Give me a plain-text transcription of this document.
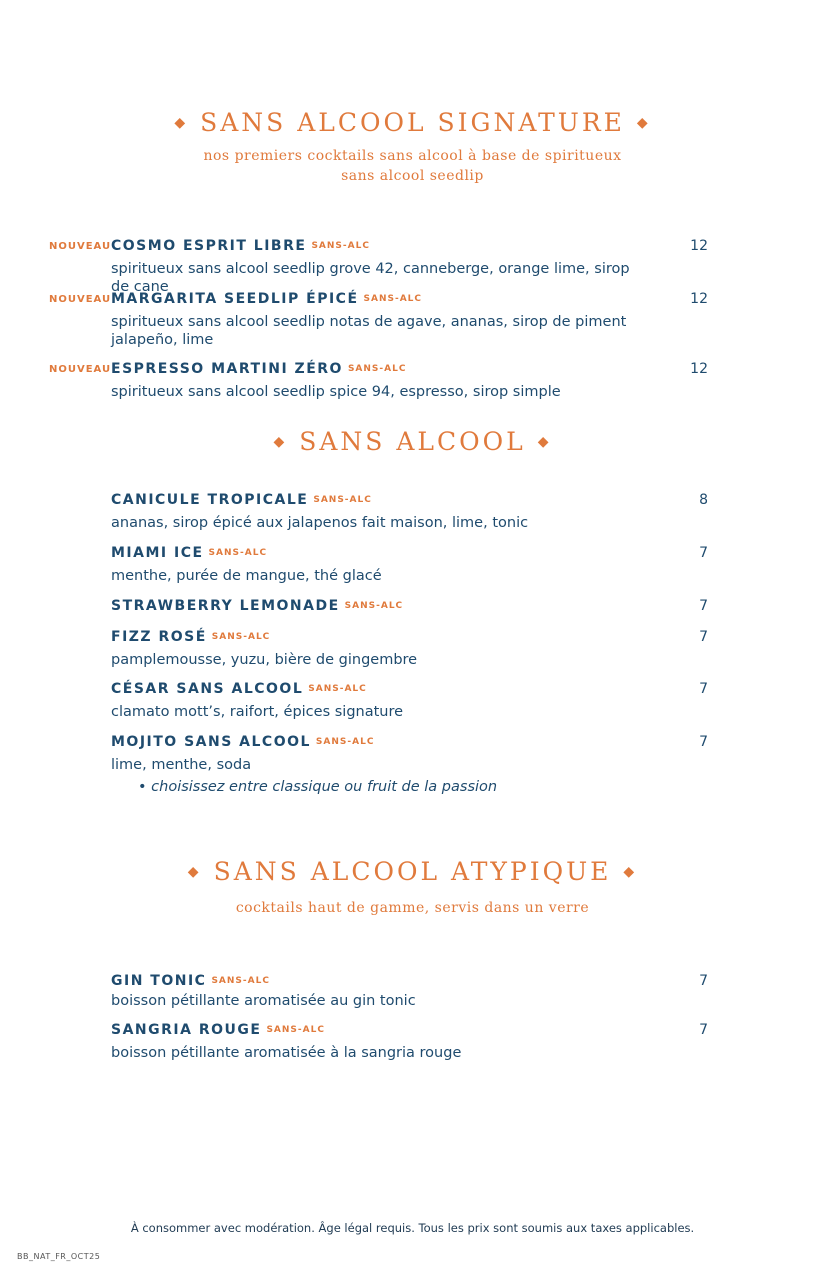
◆ SANS ALCOOL SIGNATURE ◆
nos premiers cocktails sans alcool à base de spiritueux
sans alcool seedlip
NOUVEAU COSMO ESPRIT LIBRE SANS-ALC	12
spiritueux sans alcool seedlip grove 42, canneberge, orange lime, sirop de cane
NOUVEAU MARGARITA SEEDLIP ÉPICÉ SANS-ALC	12
spiritueux sans alcool seedlip notas de agave, ananas, sirop de piment jalapeño, lime
NOUVEAU ESPRESSO MARTINI ZÉRO SANS-ALC	12
spiritueux sans alcool seedlip spice 94, espresso, sirop simple
◆ SANS ALCOOL ◆
CANICULE TROPICALE SANS-ALC	8
ananas, sirop épicé aux jalapenos fait maison, lime, tonic
MIAMI ICE SANS-ALC	7
menthe, purée de mangue, thé glacé
STRAWBERRY LEMONADE SANS-ALC	7
FIZZ ROSÉ SANS-ALC	7
pamplemousse, yuzu, bière de gingembre
CÉSAR SANS ALCOOL SANS-ALC	7
clamato mott’s, raifort, épices signature
MOJITO SANS ALCOOL SANS-ALC	7
lime, menthe, soda
• choisissez entre classique ou fruit de la passion
◆ SANS ALCOOL ATYPIQUE ◆
cocktails haut de gamme, servis dans un verre
GIN TONIC SANS-ALC	7
boisson pétillante aromatisée au gin tonic
SANGRIA ROUGE SANS-ALC	7
boisson pétillante aromatisée à la sangria rouge
À consommer avec modération. Âge légal requis. Tous les prix sont soumis aux taxes applicables.
BB_NAT_FR_OCT25
